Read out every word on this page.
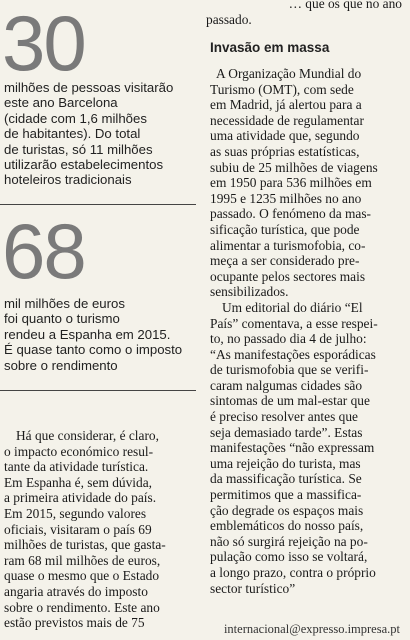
30
milhões de pessoas visitarão
este ano Barcelona
(cidade com 1,6 milhões
de habitantes). Do total
de turistas, só 11 milhões
utilizarão estabelecimentos
hoteleiros tradicionais
68
mil milhões de euros
foi quanto o turismo
rendeu a Espanha em 2015.
É quase tanto como o imposto
sobre o rendimento
Há que considerar, é claro,
o impacto económico resul-
tante da atividade turística.
Em Espanha é, sem dúvida,
a primeira atividade do país.
Em 2015, segundo valores
oficiais, visitaram o país 69
milhões de turistas, que gasta-
ram 68 mil milhões de euros,
quase o mesmo que o Estado
angaria através do imposto
sobre o rendimento. Este ano
estão previstos mais de 75
… que os que no ano
passado.
Invasão em massa
A Organização Mundial do
Turismo (OMT), com sede
em Madrid, já alertou para a
necessidade de regulamentar
uma atividade que, segundo
as suas próprias estatísticas,
subiu de 25 milhões de viagens
em 1950 para 536 milhões em
1995 e 1235 milhões no ano
passado. O fenómeno da mas-
sificação turística, que pode
alimentar a turismofobia, co-
meça a ser considerado pre-
ocupante pelos sectores mais
sensibilizados.
Um editorial do diário “El
País” comentava, a esse respei-
to, no passado dia 4 de julho:
“As manifestações esporádicas
de turismofobia que se verifi-
caram nalgumas cidades são
sintomas de um mal-estar que
é preciso resolver antes que
seja demasiado tarde”. Estas
manifestações “não expressam
uma rejeição do turista, mas
da massificação turística. Se
permitimos que a massifica-
ção degrade os espaços mais
emblemáticos do nosso país,
não só surgirá rejeição na po-
pulação como isso se voltará,
a longo prazo, contra o próprio
sector turístico”
internacional@expresso.impresa.pt
